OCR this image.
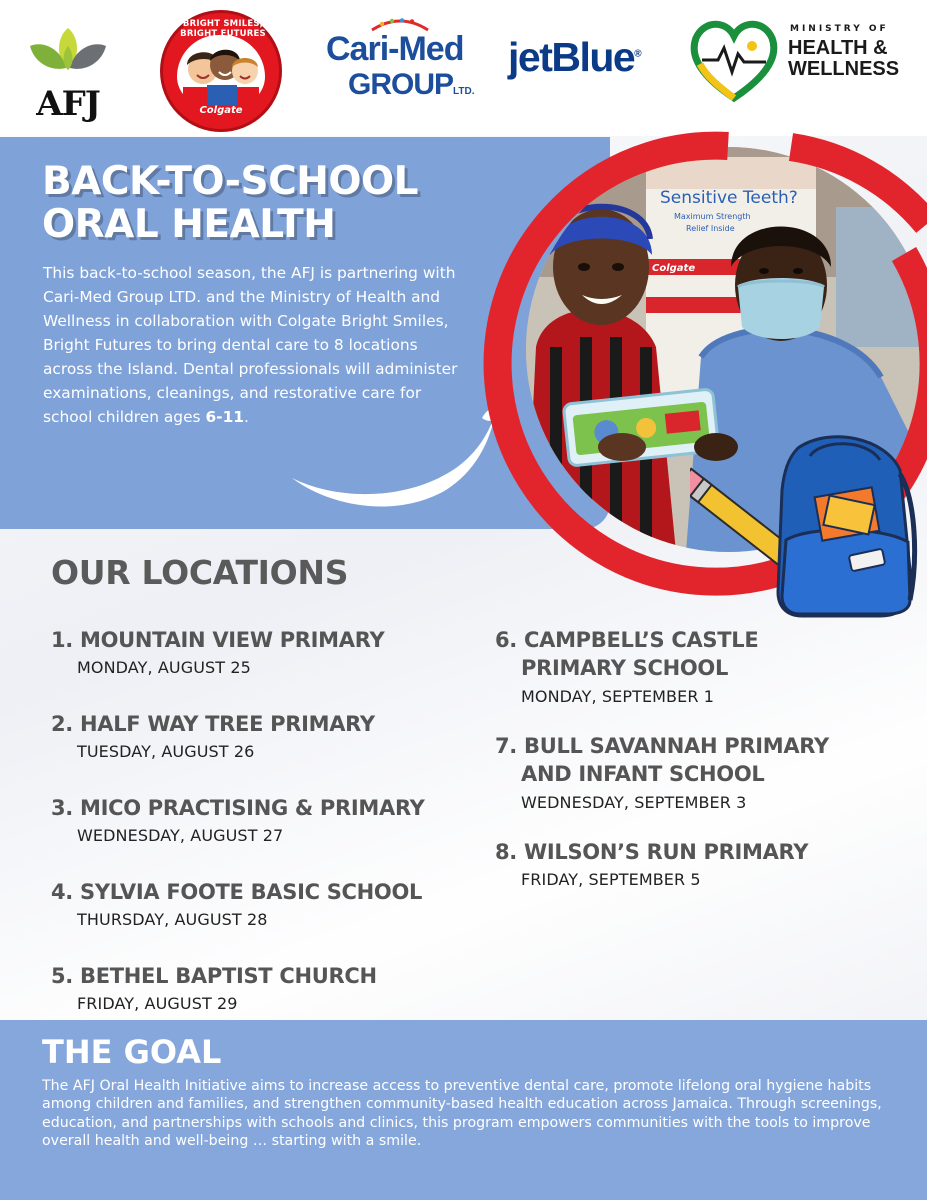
AFJ
BRIGHT SMILES, BRIGHT FUTURES
Colgate
Cari-Med
GROUPLTD.
jetBlue®
MINISTRY OF
HEALTH &
WELLNESS
BACK-TO-SCHOOL
ORAL HEALTH

This back-to-school season, the AFJ is partnering with Cari-Med Group LTD. and the Ministry of Health and Wellness in collaboration with Colgate Bright Smiles, Bright Futures to bring dental care to 8 locations across the Island. Dental professionals will administer examinations, cleanings, and restorative care for school children ages 6-11.

Sensitive Teeth?
Maximum Strength
Relief Inside
Colgate
OUR LOCATIONS
1. MOUNTAIN VIEW PRIMARY
MONDAY, AUGUST 25
2. HALF WAY TREE PRIMARY
TUESDAY, AUGUST 26
3. MICO PRACTISING & PRIMARY
WEDNESDAY, AUGUST 27
4. SYLVIA FOOTE BASIC SCHOOL
THURSDAY, AUGUST 28
5. BETHEL BAPTIST CHURCH
FRIDAY, AUGUST 29
6. CAMPBELL’S CASTLE
PRIMARY SCHOOL
MONDAY, SEPTEMBER 1
7. BULL SAVANNAH PRIMARY
AND INFANT SCHOOL
WEDNESDAY, SEPTEMBER 3
8. WILSON’S RUN PRIMARY
FRIDAY, SEPTEMBER 5
THE GOAL

The AFJ Oral Health Initiative aims to increase access to preventive dental care, promote lifelong oral hygiene habits among children and families, and strengthen community-based health education across Jamaica. Through screenings, education, and partnerships with schools and clinics, this program empowers communities with the tools to improve overall health and well-being … starting with a smile.
